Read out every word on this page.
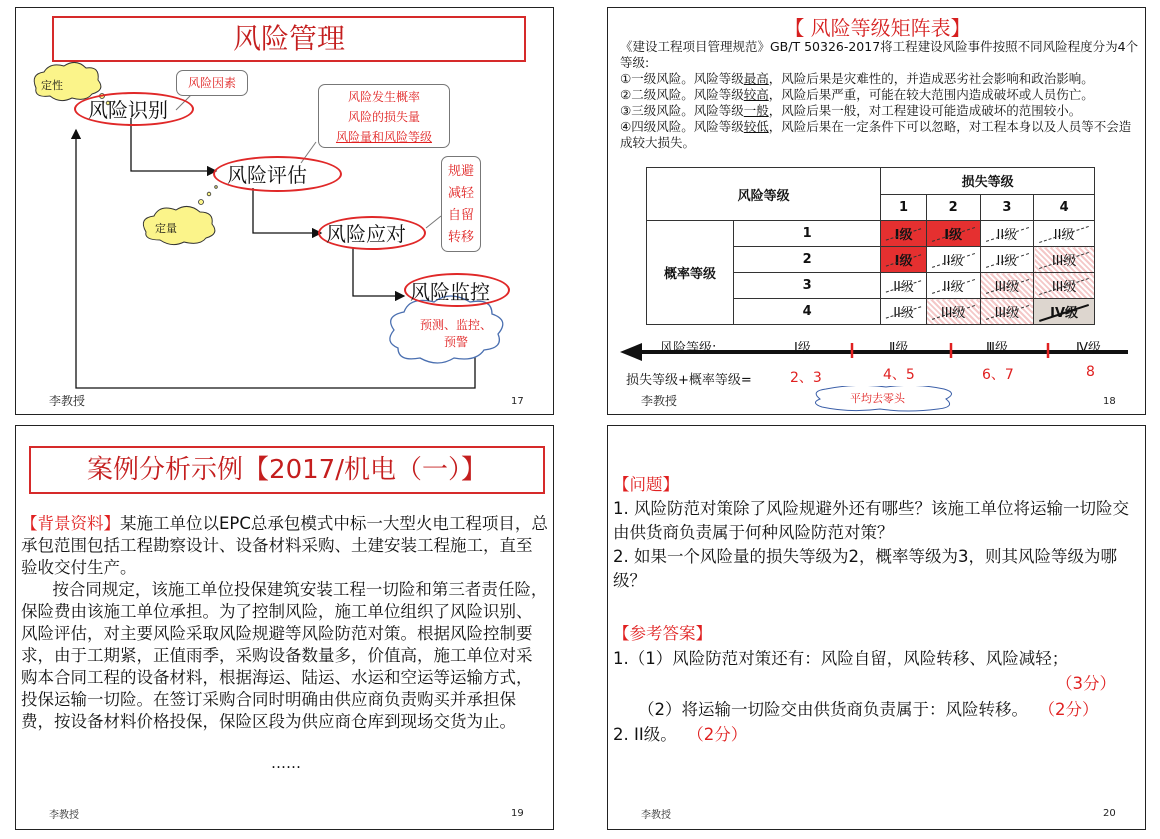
风险管理
定性
定量
风险识别
风险评估
风险应对
风险监控
风险因素
风险发生概率
风险的损失量
风险量和风险等级
规避
减轻
自留
转移
预测、监控、
预警
李教授	17
【 风险等级矩阵表】
《建设工程项目管理规范》GB/T 50326-2017将工程建设风险事件按照不同风险程度分为4个等级:
①一级风险。风险等级最高，风险后果是灾难性的，并造成恶劣社会影响和政治影响。
②二级风险。风险等级较高，风险后果严重，可能在较大范围内造成破坏或人员伤亡。
③三级风险。风险等级一般，风险后果一般，对工程建设可能造成破坏的范围较小。
④四级风险。风险等级较低，风险后果在一定条件下可以忽略，对工程本身以及人员等不会造成较大损失。
风险等级		损失等级			
		1	2	3	4
概率等级	1	I级	I级	II级	II级
	2	I级	II级	II级	III级
	3	II级	II级	III级	III级
	4	II级	III级	III级	IV级
风险等级:	Ⅰ级	Ⅱ级	Ⅲ级	Ⅳ级
损失等级+概率等级=	2、3	4、5	6、7	8
平均去零头
李教授	18
案例分析示例【2017/机电（一）】
【背景资料】某施工单位以EPC总承包模式中标一大型火电工程项目，总承包范围包括工程勘察设计、设备材料采购、土建安装工程施工，直至验收交付生产。
按合同规定，该施工单位投保建筑安装工程一切险和第三者责任险，保险费由该施工单位承担。为了控制风险，施工单位组织了风险识别、风险评估，对主要风险采取风险规避等风险防范对策。根据风险控制要求，由于工期紧，正值雨季，采购设备数量多，价值高，施工单位对采购本合同工程的设备材料，根据海运、陆运、水运和空运等运输方式，投保运输一切险。在签订采购合同时明确由供应商负责购买并承担保费，按设备材料价格投保，保险区段为供应商仓库到现场交货为止。
……
李教授	19
【问题】
1. 风险防范对策除了风险规避外还有哪些？该施工单位将运输一切险交由供货商负责属于何种风险防范对策？
2. 如果一个风险量的损失等级为2，概率等级为3，则其风险等级为哪级？
【参考答案】
1.（1）风险防范对策还有：风险自留，风险转移、风险减轻；
（3分）
（2）将运输一切险交由供货商负责属于：风险转移。 （2分）
2. II级。 （2分）
李教授	20
